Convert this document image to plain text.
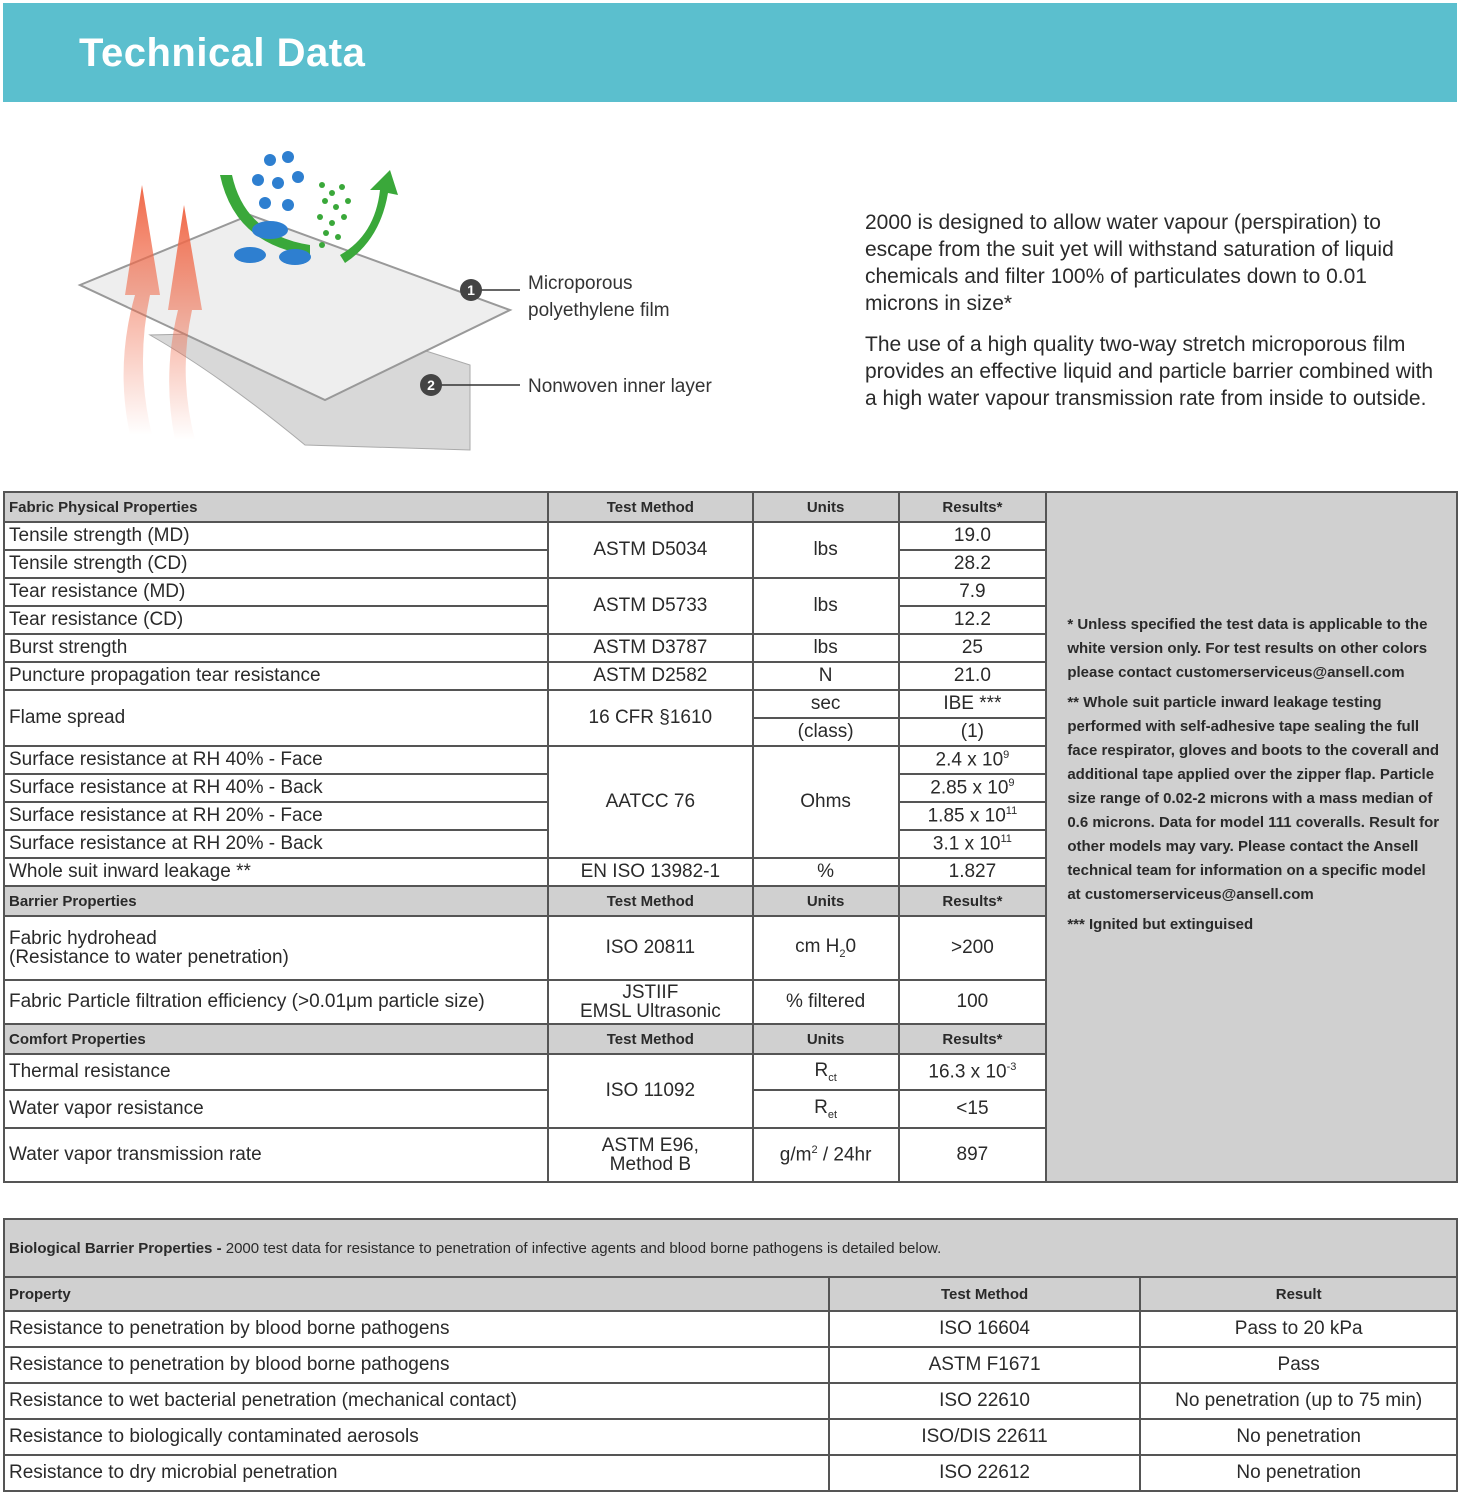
Technical Data
1
2
Microporous
polyethylene film
Nonwoven inner layer

2000 is designed to allow water vapour (perspiration) to escape from the suit yet will withstand saturation of liquid chemicals and filter 100% of particulates down to 0.01 microns in size*

The use of a high quality two-way stretch microporous film provides an effective liquid and particle barrier combined with a high water vapour transmission rate from inside to outside.

Fabric Physical Properties	Test Method	Units	Results*	* Unless specified the test data is applicable to the white version only. For test results on other colors please contact customerserviceus@ansell.com
** Whole suit particle inward leakage testing performed with self-adhesive tape sealing the full face respirator, gloves and boots to the coverall and additional tape applied over the zipper flap. Particle size range of 0.02-2 microns with a mass median of 0.6 microns. Data for model 111 coveralls. Result for other models may vary. Please contact the Ansell technical team for information on a specific model at customerserviceus@ansell.com
*** Ignited but extinguised

Tensile strength (MD)	ASTM D5034	lbs	19.0	
Tensile strength (CD)			28.2	
Tear resistance (MD)	ASTM D5733	lbs	7.9	
Tear resistance (CD)			12.2	
Burst strength	ASTM D3787	lbs	25	
Puncture propagation tear resistance	ASTM D2582	N	21.0	
Flame spread	16 CFR §1610	sec	IBE ***	
		(class)	(1)	
Surface resistance at RH 40% - Face	AATCC 76	Ohms	2.4 x $10^9$
Surface resistance at RH 40% - Back			2.85 x $10^9$
Surface resistance at RH 20% - Face			1.85 x $10^{11}$
Surface resistance at RH 20% - Back			3.1 x $10^{11}$
Whole suit inward leakage **	EN ISO 13982-1	%	1.827	
Barrier Properties	Test Method	Units	Results*	

Fabric hydrohead
(Resistance to water penetration)	ISO 20811	cm $H_20$	>200	
Fabric Particle filtration efficiency (>0.01μm particle size)	JSTIIF
EMSL Ultrasonic	% filtered	100	
Comfort Properties	Test Method	Units	Results*	
Thermal resistance	ISO 11092	$R_{ct}$	16.3 x $10^{-3}$
Water vapor resistance		$R_{et}$	<15	
Water vapor transmission rate	ASTM E96,
Method B	$g/m^2 / 24hr$	897	
Biological Barrier Properties - 2000 test data for resistance to penetration of infective agents and blood borne pathogens is detailed below.		
Property	Test Method	Result
Resistance to penetration by blood borne pathogens	ISO 16604	Pass to 20 kPa
Resistance to penetration by blood borne pathogens	ASTM F1671	Pass
Resistance to wet bacterial penetration (mechanical contact)	ISO 22610	No penetration (up to 75 min)
Resistance to biologically contaminated aerosols	ISO/DIS 22611	No penetration
Resistance to dry microbial penetration	ISO 22612	No penetration
